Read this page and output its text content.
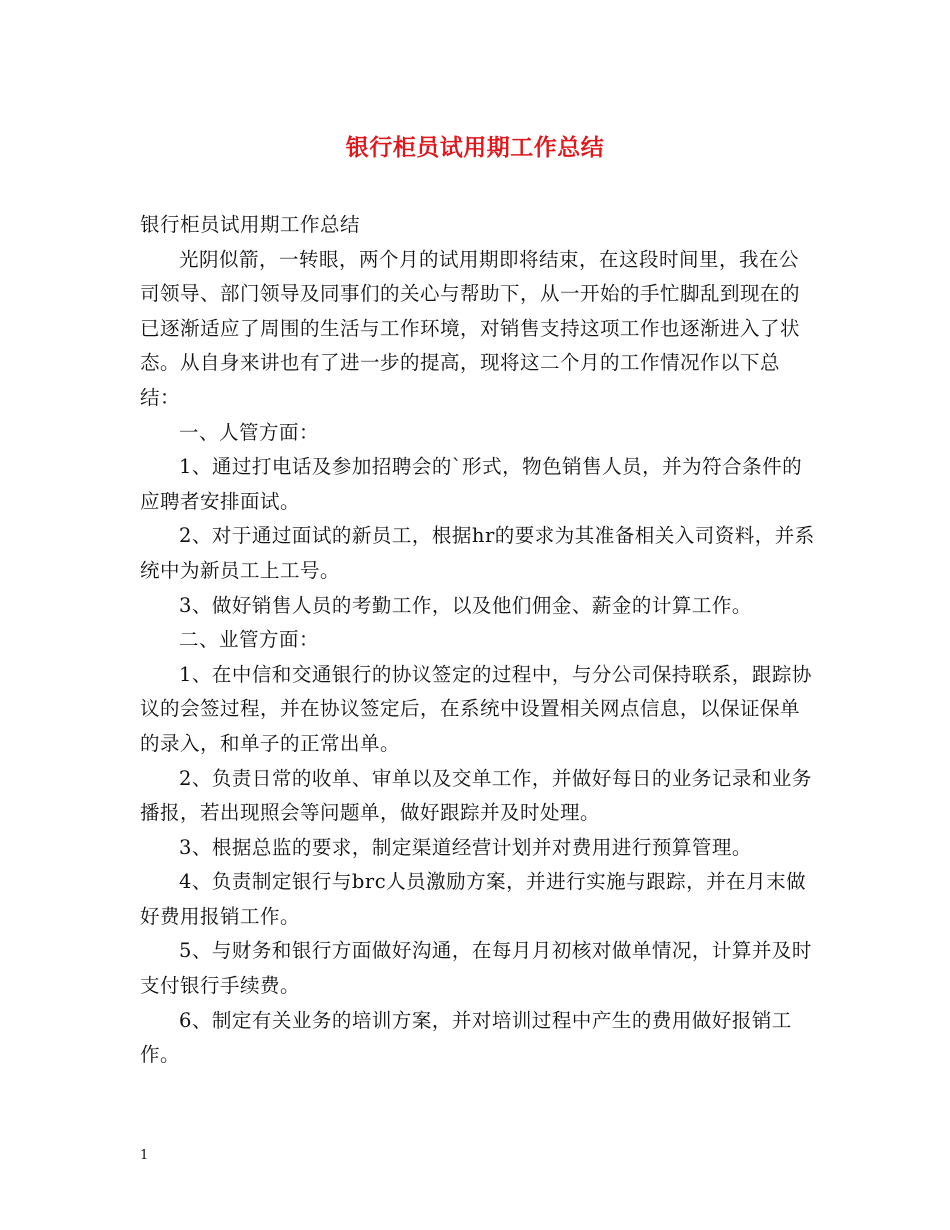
银行柜员试用期工作总结

银行柜员试用期工作总结

光阴似箭，一转眼，两个月的试用期即将结束，在这段时间里，我在公司领导、部门领导及同事们的关心与帮助下，从一开始的手忙脚乱到现在的已逐渐适应了周围的生活与工作环境，对销售支持这项工作也逐渐进入了状态。从自身来讲也有了进一步的提高，现将这二个月的工作情况作以下总结：

一、人管方面：

1、通过打电话及参加招聘会的`形式，物色销售人员，并为符合条件的应聘者安排面试。

2、对于通过面试的新员工，根据hr的要求为其准备相关入司资料，并系统中为新员工上工号。

3、做好销售人员的考勤工作，以及他们佣金、薪金的计算工作。

二、业管方面：

1、在中信和交通银行的协议签定的过程中，与分公司保持联系，跟踪协议的会签过程，并在协议签定后，在系统中设置相关网点信息，以保证保单的录入，和单子的正常出单。

2、负责日常的收单、审单以及交单工作，并做好每日的业务记录和业务播报，若出现照会等问题单，做好跟踪并及时处理。

3、根据总监的要求，制定渠道经营计划并对费用进行预算管理。

4、负责制定银行与brc人员激励方案，并进行实施与跟踪，并在月末做好费用报销工作。

5、与财务和银行方面做好沟通，在每月月初核对做单情况，计算并及时支付银行手续费。

6、制定有关业务的培训方案，并对培训过程中产生的费用做好报销工作。

1
